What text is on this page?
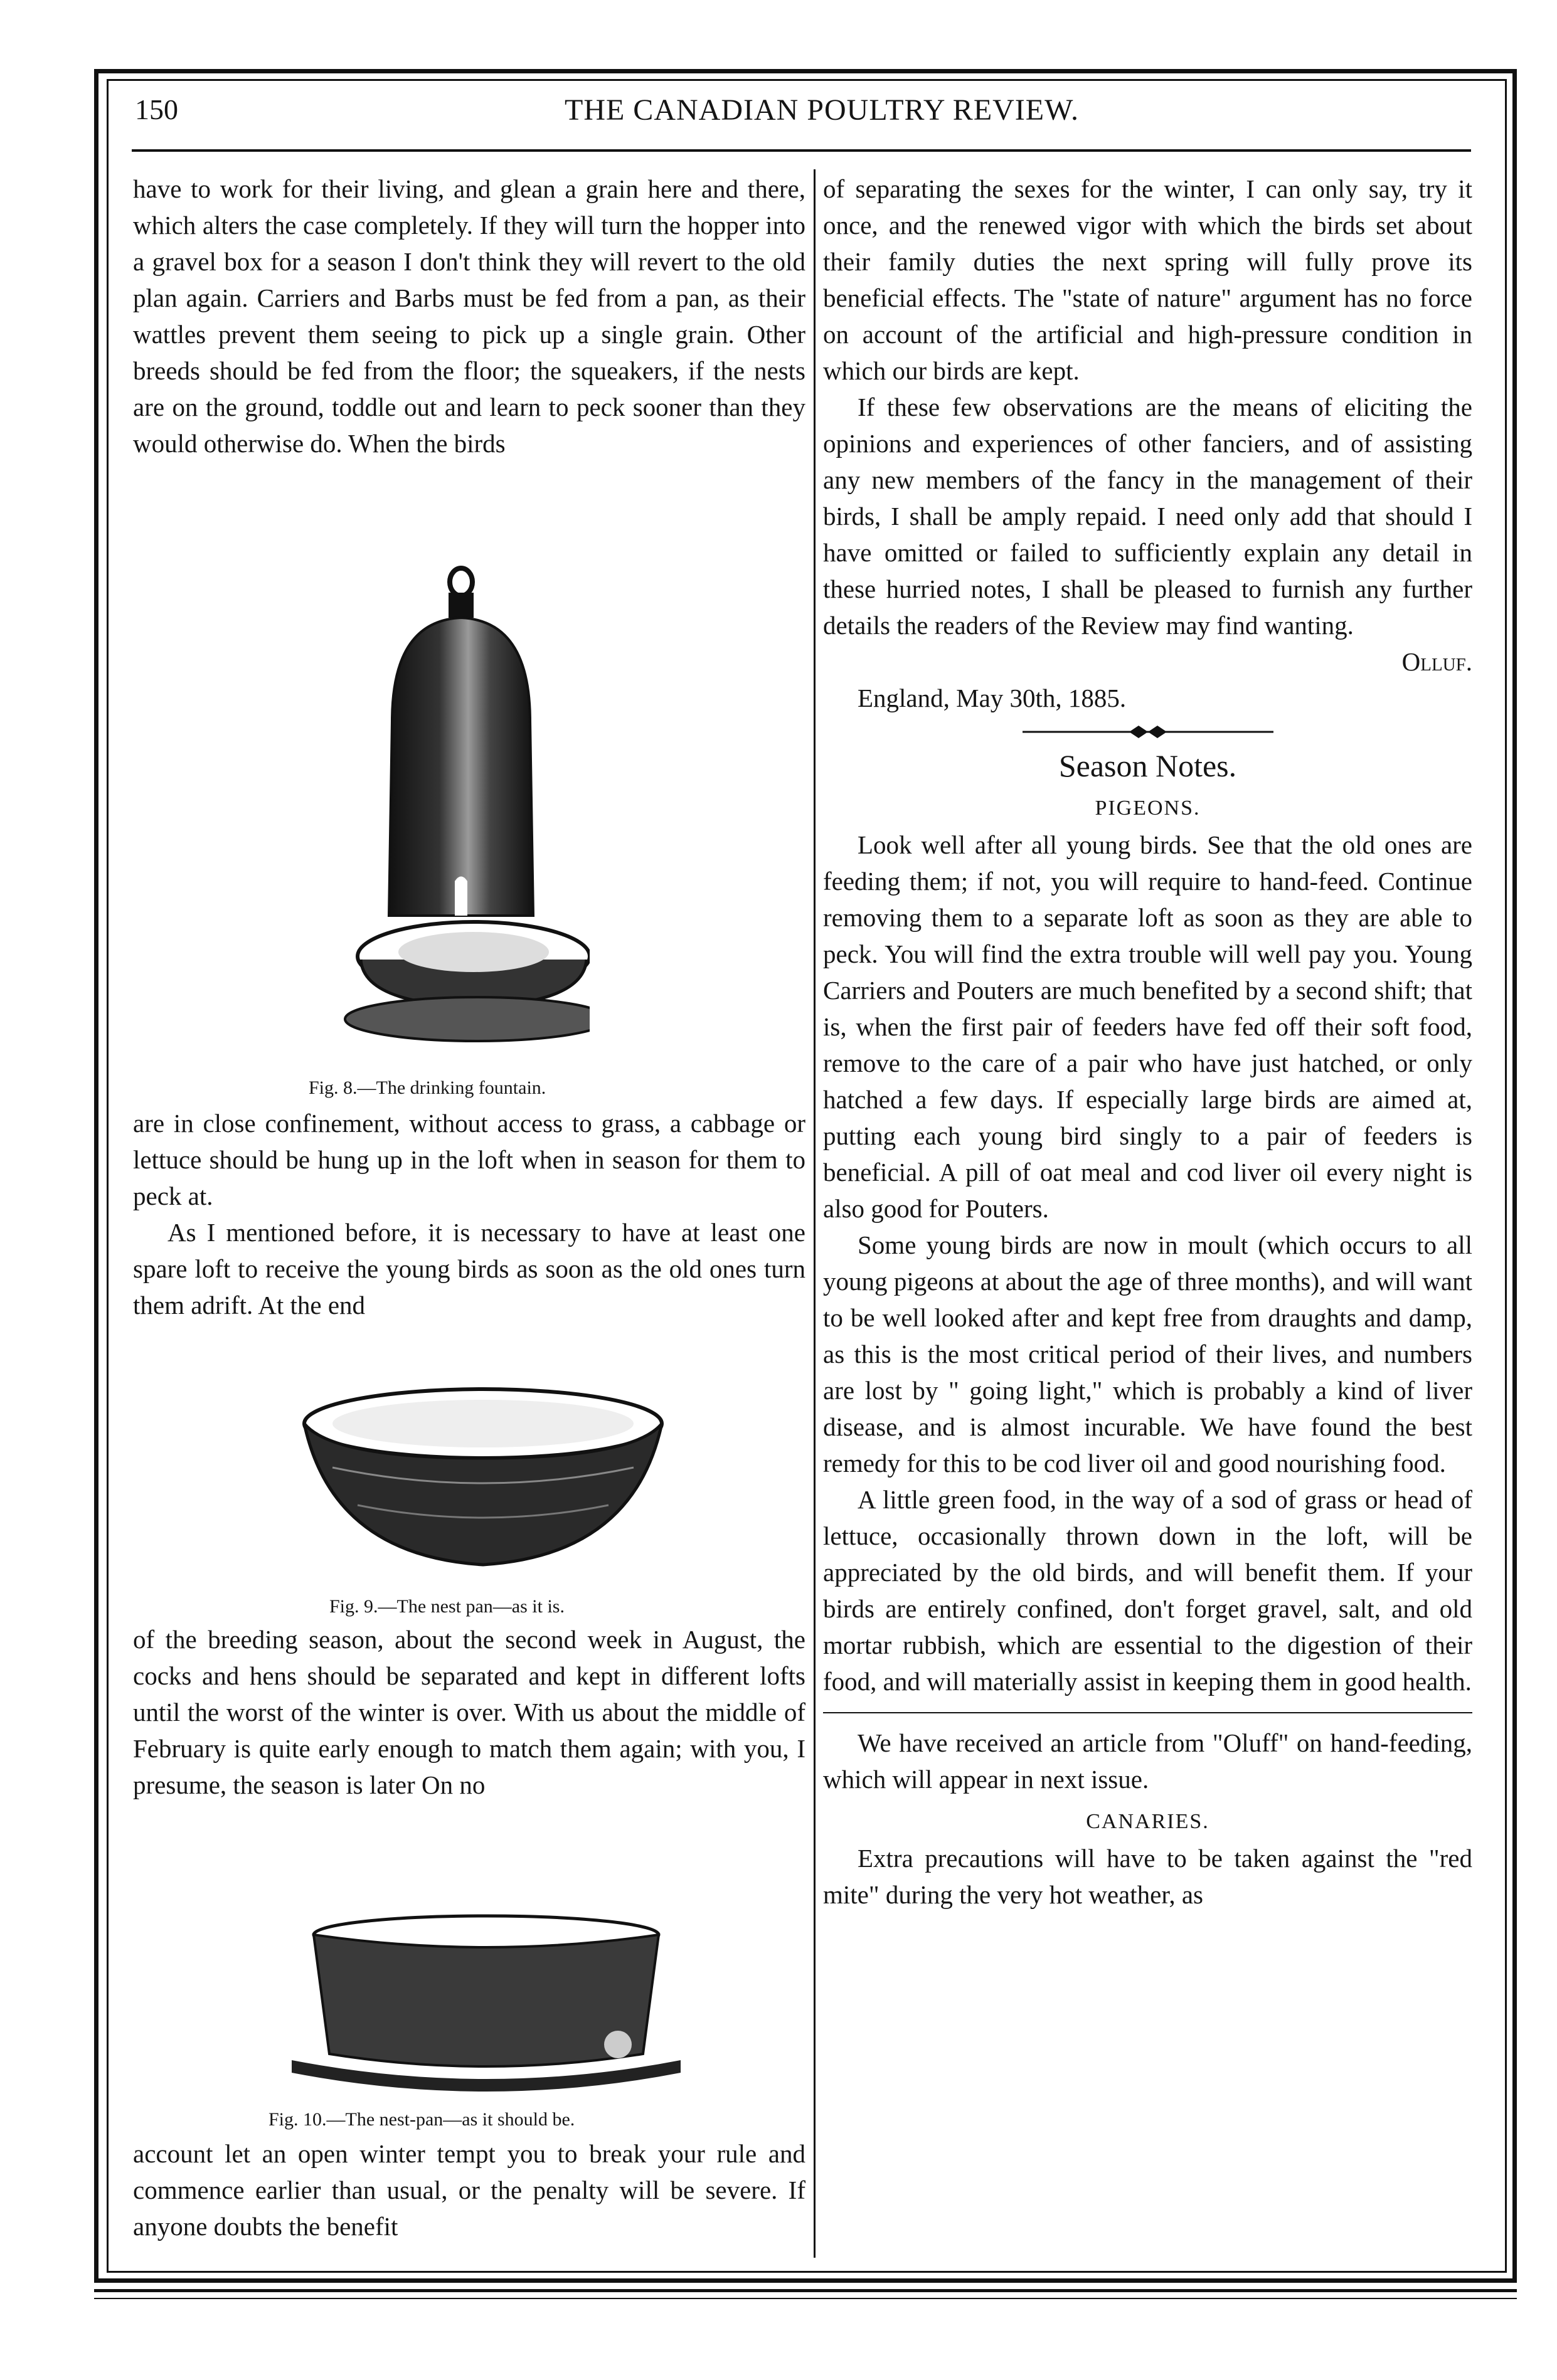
150	THE CANADIAN POULTRY REVIEW.

have to work for their living, and glean a grain here and there, which alters the case completely. If they will turn the hopper into a gravel box for a season I don't think they will revert to the old plan again. Carriers and Barbs must be fed from a pan, as their wattles prevent them seeing to pick up a single grain. Other breeds should be fed from the floor; the squeakers, if the nests are on the ground, toddle out and learn to peck sooner than they would otherwise do. When the birds

Fig. 8.—The drinking fountain.

are in close confinement, without access to grass, a cabbage or lettuce should be hung up in the loft when in season for them to peck at.

As I mentioned before, it is necessary to have at least one spare loft to receive the young birds as soon as the old ones turn them adrift. At the end

Fig. 9.—The nest pan—as it is.

of the breeding season, about the second week in August, the cocks and hens should be separated and kept in different lofts until the worst of the winter is over. With us about the middle of February is quite early enough to match them again; with you, I presume, the season is later On no

Fig. 10.—The nest-pan—as it should be.

account let an open winter tempt you to break your rule and commence earlier than usual, or the penalty will be severe. If anyone doubts the benefit

of separating the sexes for the winter, I can only say, try it once, and the renewed vigor with which the birds set about their family duties the next spring will fully prove its beneficial effects. The "state of nature" argument has no force on account of the artificial and high-pressure condition in which our birds are kept.

If these few observations are the means of eliciting the opinions and experiences of other fanciers, and of assisting any new members of the fancy in the management of their birds, I shall be amply repaid. I need only add that should I have omitted or failed to sufficiently explain any detail in these hurried notes, I shall be pleased to furnish any further details the readers of the Review may find wanting.

Olluf.

England, May 30th, 1885.

Season Notes.

PIGEONS.

Look well after all young birds. See that the old ones are feeding them; if not, you will require to hand-feed. Continue removing them to a separate loft as soon as they are able to peck. You will find the extra trouble will well pay you. Young Carriers and Pouters are much benefited by a second shift; that is, when the first pair of feeders have fed off their soft food, remove to the care of a pair who have just hatched, or only hatched a few days. If especially large birds are aimed at, putting each young bird singly to a pair of feeders is beneficial. A pill of oat meal and cod liver oil every night is also good for Pouters.

Some young birds are now in moult (which occurs to all young pigeons at about the age of three months), and will want to be well looked after and kept free from draughts and damp, as this is the most critical period of their lives, and numbers are lost by " going light," which is probably a kind of liver disease, and is almost incurable. We have found the best remedy for this to be cod liver oil and good nourishing food.

A little green food, in the way of a sod of grass or head of lettuce, occasionally thrown down in the loft, will be appreciated by the old birds, and will benefit them. If your birds are entirely confined, don't forget gravel, salt, and old mortar rubbish, which are essential to the digestion of their food, and will materially assist in keeping them in good health.

We have received an article from "Oluff" on hand-feeding, which will appear in next issue.

CANARIES.

Extra precautions will have to be taken against the "red mite" during the very hot weather, as
